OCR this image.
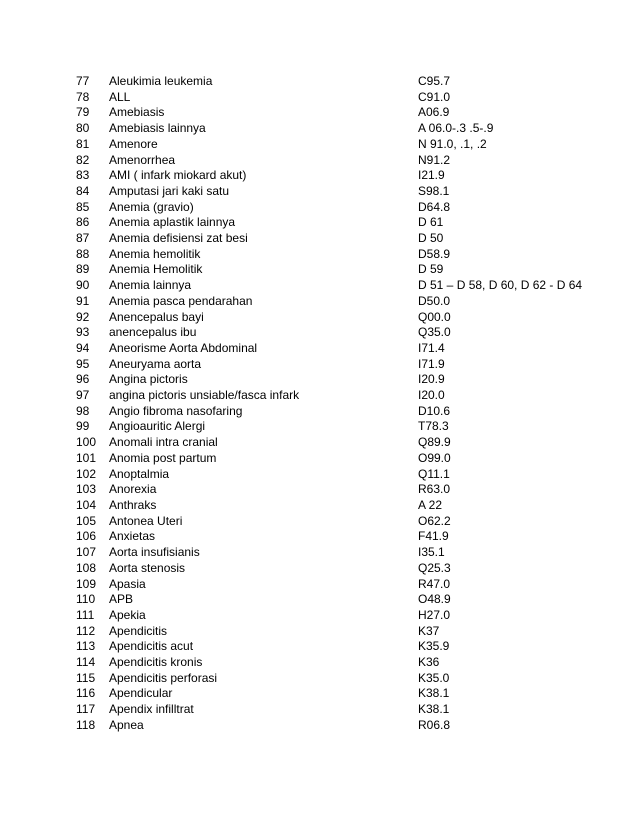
77	Aleukimia leukemia	C95.7
78	ALL	C91.0
79	Amebiasis	A06.9
80	Amebiasis lainnya	A 06.0-.3 .5-.9
81	Amenore	N 91.0, .1, .2
82	Amenorrhea	N91.2
83	AMI ( infark miokard akut)	I21.9
84	Amputasi jari kaki satu	S98.1
85	Anemia (gravio)	D64.8
86	Anemia aplastik lainnya	D 61
87	Anemia defisiensi zat besi	D 50
88	Anemia hemolitik	D58.9
89	Anemia Hemolitik	D 59
90	Anemia lainnya	D 51 – D 58, D 60, D 62 - D 64
91	Anemia pasca pendarahan	D50.0
92	Anencepalus bayi	Q00.0
93	anencepalus ibu	Q35.0
94	Aneorisme Aorta Abdominal	I71.4
95	Aneuryama aorta	I71.9
96	Angina pictoris	I20.9
97	angina pictoris unsiable/fasca infark	I20.0
98	Angio fibroma nasofaring	D10.6
99	Angioauritic Alergi	T78.3
100	Anomali intra cranial	Q89.9
101	Anomia post partum	O99.0
102	Anoptalmia	Q11.1
103	Anorexia	R63.0
104	Anthraks	A 22
105	Antonea Uteri	O62.2
106	Anxietas	F41.9
107	Aorta insufisianis	I35.1
108	Aorta stenosis	Q25.3
109	Apasia	R47.0
110	APB	O48.9
111	Apekia	H27.0
112	Apendicitis	K37
113	Apendicitis acut	K35.9
114	Apendicitis kronis	K36
115	Apendicitis perforasi	K35.0
116	Apendicular	K38.1
117	Apendix infilltrat	K38.1
118	Apnea	R06.8
